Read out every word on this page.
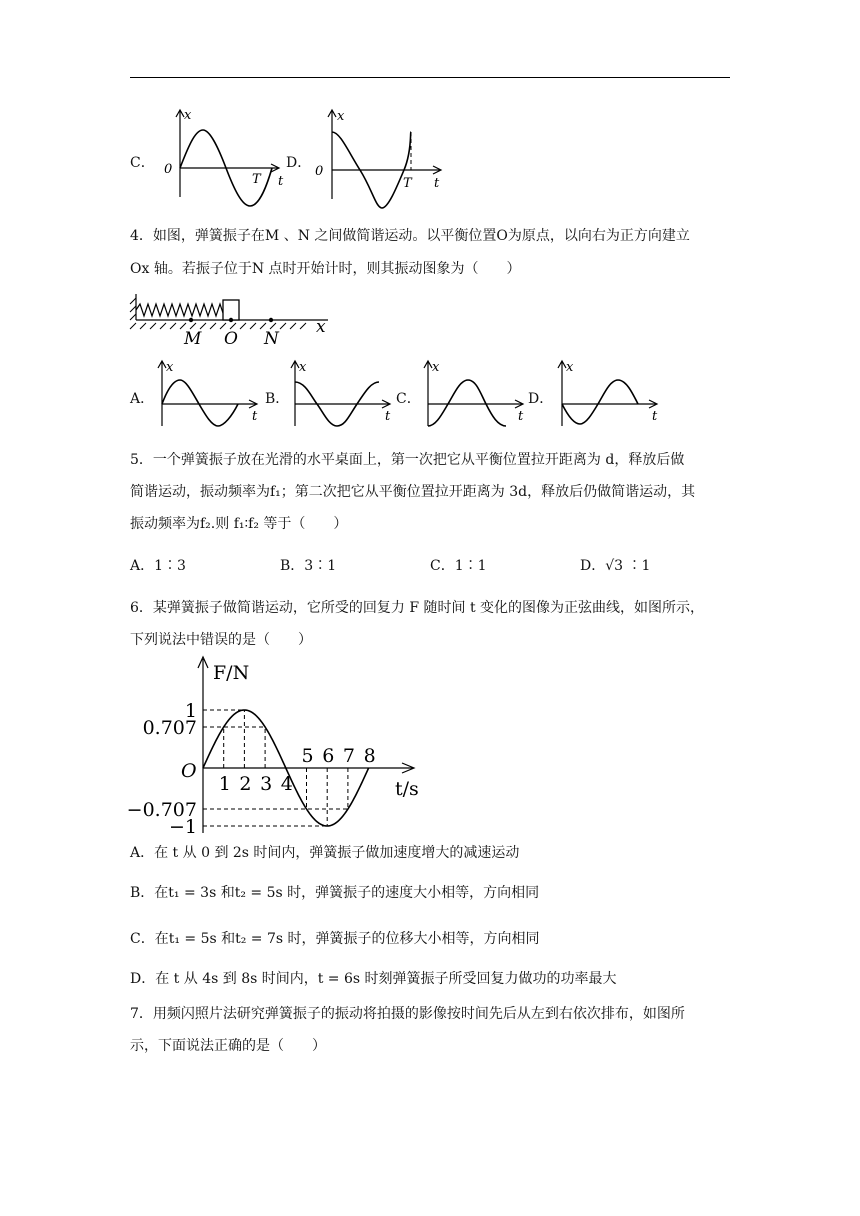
C．
x
0
T t
D．
x
0
T t
4．如图，弹簧振子在M 、N 之间做简谐运动。以平衡位置O为原点，以向右为正方向建立
Ox 轴。若振子位于N 点时开始计时，则其振动图象为（　　）
M O N
x
A．
x
t
B．
x
t
C．
x
t
D．
x
t
5．一个弹簧振子放在光滑的水平桌面上，第一次把它从平衡位置拉开距离为 d，释放后做
简谐运动，振动频率为f₁；第二次把它从平衡位置拉开距离为 3d，释放后仍做简谐运动，其
振动频率为f₂.则 f₁∶f₂ 等于（　　）
A．1∶3	B．3∶1	C．1∶1	D．√3 ∶1
6．某弹簧振子做简谐运动，它所受的回复力 F 随时间 t 变化的图像为正弦曲线，如图所示，
下列说法中错误的是（　　）
1 2 3 4
5 6 7 8
1
0.707
−0.707
−1
F/N
t/s
O
A．在 t 从 0 到 2s 时间内，弹簧振子做加速度增大的减速运动
B．在t₁ = 3s 和t₂ = 5s 时，弹簧振子的速度大小相等，方向相同
C．在t₁ = 5s 和t₂ = 7s 时，弹簧振子的位移大小相等，方向相同
D．在 t 从 4s 到 8s 时间内，t = 6s 时刻弹簧振子所受回复力做功的功率最大
7．用频闪照片法研究弹簧振子的振动将拍摄的影像按时间先后从左到右依次排布，如图所
示，下面说法正确的是（　　）
